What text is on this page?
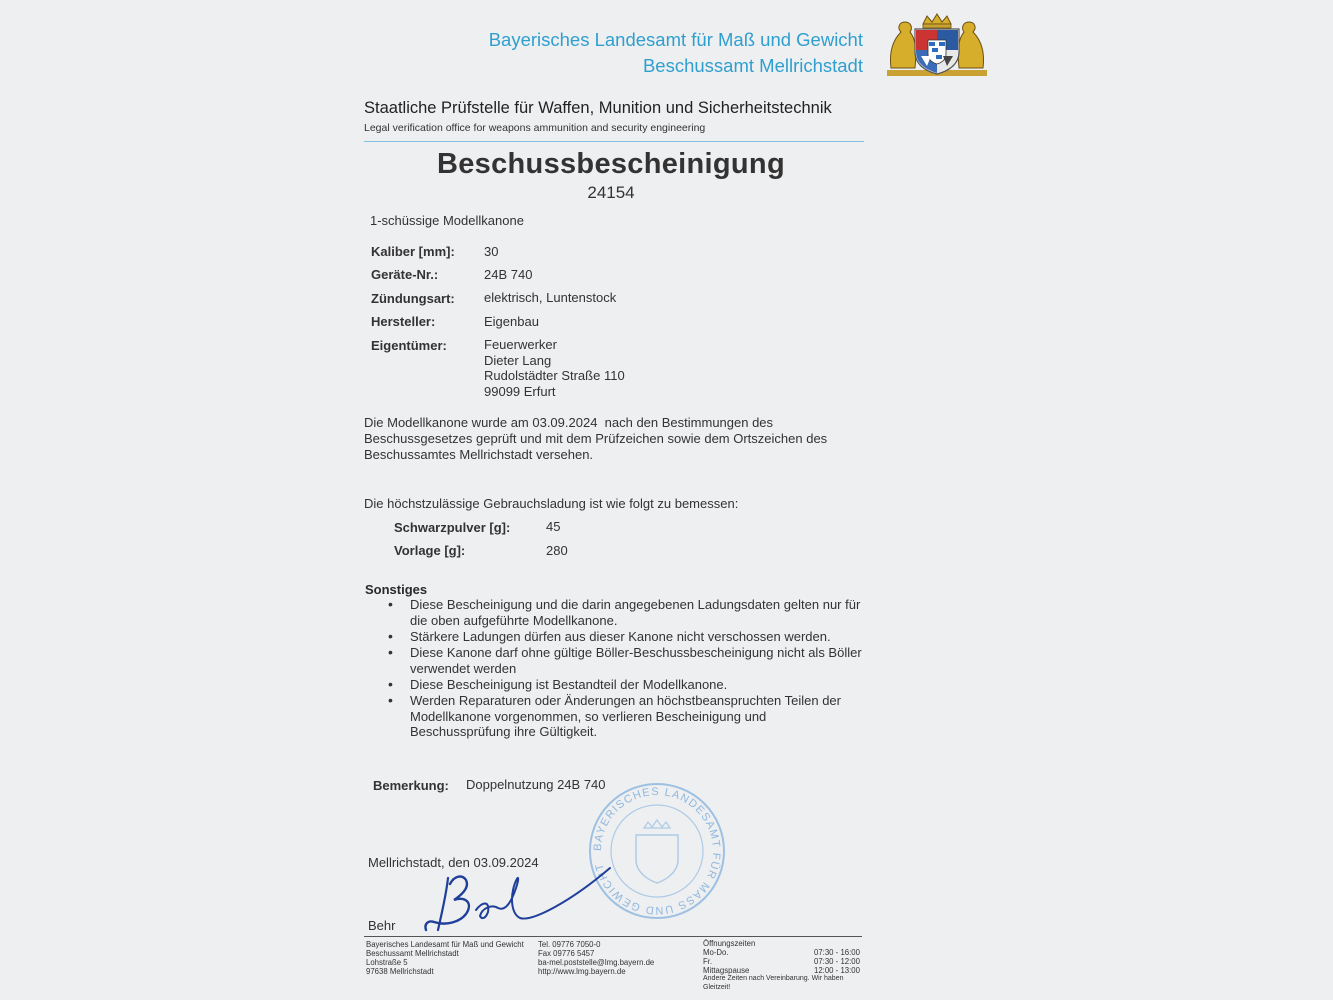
Bayerisches Landesamt für Maß und Gewicht
Beschussamt Mellrichstadt
Staatliche Prüfstelle für Waffen, Munition und Sicherheitstechnik
Legal verification office for weapons ammunition and security engineering
Beschussbescheinigung
24154
1-schüssige Modellkanone
Kaliber [mm]: 30
Geräte-Nr.:	24B 740
Zündungsart: elektrisch, Luntenstock
Hersteller:	Eigenbau
Eigentümer:	Feuerwerker
Dieter Lang
Rudolstädter Straße 110
99099 Erfurt
Die Modellkanone wurde am 03.09.2024  nach den Bestimmungen des
Beschussgesetzes geprüft und mit dem Prüfzeichen sowie dem Ortszeichen des
Beschussamtes Mellrichstadt versehen.
Die höchstzulässige Gebrauchsladung ist wie folgt zu bemessen:
Schwarzpulver [g]:	45
Vorlage [g]:	280
Sonstiges
• Diese Bescheinigung und die darin angegebenen Ladungsdaten gelten nur für die oben aufgeführte Modellkanone.
• Stärkere Ladungen dürfen aus dieser Kanone nicht verschossen werden.
• Diese Kanone darf ohne gültige Böller-Beschussbescheinigung nicht als Böller verwendet werden
• Diese Bescheinigung ist Bestandteil der Modellkanone.
• Werden Reparaturen oder Änderungen an höchstbeanspruchten Teilen der Modellkanone vorgenommen, so verlieren Bescheinigung und Beschussprüfung ihre Gültigkeit.
Bemerkung: Doppelnutzung 24B 740
BAYERISCHES LANDESAMT FÜR MASS UND GEWICHT
Mellrichstadt, den 03.09.2024
Behr
Bayerisches Landesamt für Maß und Gewicht
Beschussamt Mellrichstadt
Lohstraße 5
97638 Mellrichstadt
Tel. 09776 7050-0
Fax 09776 5457
ba-mel.poststelle@lmg.bayern.de
http://www.lmg.bayern.de
Öffnungszeiten
Mo-Do.	07:30 - 16:00
Fr.	07:30 - 12:00
Mittagspause	12:00 - 13:00
Andere Zeiten nach Vereinbarung. Wir haben Gleitzeit!
